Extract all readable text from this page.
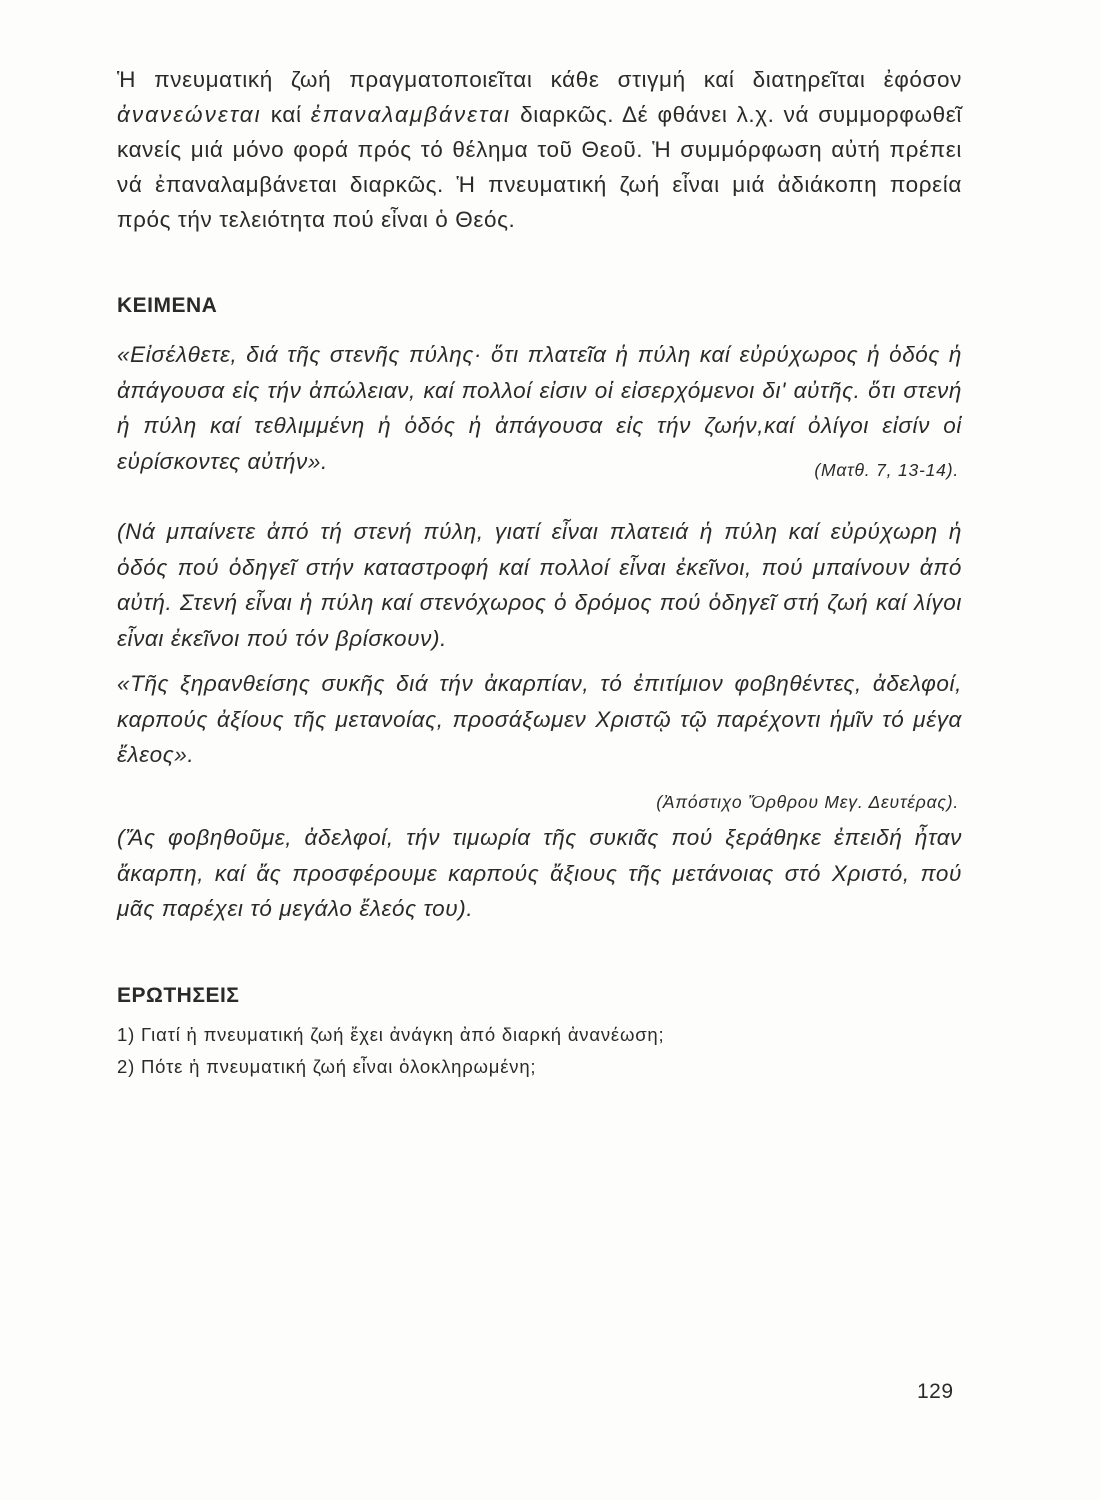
Ἡ πνευματική ζωή πραγματοποιεῖται κάθε στιγμή καί διατηρεῖται ἐφόσον ἀνανεώνεται καί ἐπαναλαμβάνεται διαρκῶς. Δέ φθάνει λ.χ. νά συμμορφωθεῖ κανείς μιά μόνο φορά πρός τό θέλημα τοῦ Θεοῦ. Ἡ συμμόρφωση αὐτή πρέπει νά ἐπαναλαμβάνεται διαρκῶς. Ἡ πνευματική ζωή εἶναι μιά ἀδιάκοπη πορεία πρός τήν τελειότητα πού εἶναι ὁ Θεός.

ΚΕΙΜΕΝΑ

«Εἰσέλθετε, διά τῆς στενῆς πύλης· ὅτι πλατεῖα ἡ πύλη καί εὐρύχωρος ἡ ὁδός ἡ ἀπάγουσα εἰς τήν ἀπώλειαν, καί πολλοί εἰσιν οἱ εἰσερχόμενοι δι' αὐτῆς. ὅτι στενή ἡ πύλη καί τεθλιμμένη ἡ ὁδός ἡ ἀπάγουσα εἰς τήν ζωήν,καί ὀλίγοι εἰσίν οἱ εὑρίσκοντες αὐτήν».	(Ματθ. 7, 13-14).

(Νά μπαίνετε ἀπό τή στενή πύλη, γιατί εἶναι πλατειά ἡ πύλη καί εὐρύχωρη ἡ ὁδός πού ὁδηγεῖ στήν καταστροφή καί πολλοί εἶναι ἐκεῖνοι, πού μπαίνουν ἀπό αὐτή. Στενή εἶναι ἡ πύλη καί στενόχωρος ὁ δρόμος πού ὁδηγεῖ στή ζωή καί λίγοι εἶναι ἐκεῖνοι πού τόν βρίσκουν).

«Τῆς ξηρανθείσης συκῆς διά τήν ἀκαρπίαν, τό ἐπιτίμιον φοβηθέντες, ἀδελφοί, καρπούς ἀξίους τῆς μετανοίας, προσάξωμεν Χριστῷ τῷ παρέχοντι ἡμῖν τό μέγα ἔλεος».

(Ἀπόστιχο Ὄρθρου Μεγ. Δευτέρας).

(Ἄς φοβηθοῦμε, ἀδελφοί, τήν τιμωρία τῆς συκιᾶς πού ξεράθηκε ἐπειδή ἦταν ἄκαρπη, καί ἄς προσφέρουμε καρπούς ἄξιους τῆς μετάνοιας στό Χριστό, πού μᾶς παρέχει τό μεγάλο ἔλεός του).

ΕΡΩΤΗΣΕΙΣ

1) Γιατί ἡ πνευματική ζωή ἔχει ἀνάγκη ἀπό διαρκή ἀνανέωση;

2) Πότε ἡ πνευματική ζωή εἶναι ὁλοκληρωμένη;

129
